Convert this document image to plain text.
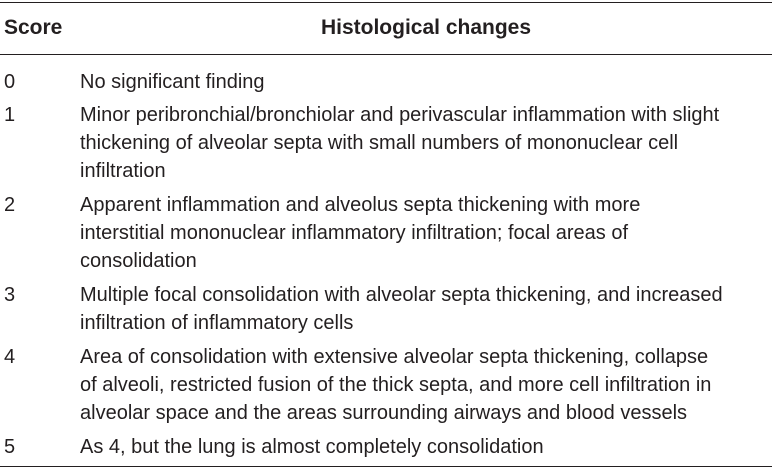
Score	Histological changes
0	No significant finding
1	Minor peribronchial/bronchiolar and perivascular inflammation with slight
thickening of alveolar septa with small numbers of mononuclear cell
infiltration
2	Apparent inflammation and alveolus septa thickening with more
interstitial mononuclear inflammatory infiltration; focal areas of
consolidation
3	Multiple focal consolidation with alveolar septa thickening, and increased
infiltration of inflammatory cells
4	Area of consolidation with extensive alveolar septa thickening, collapse
of alveoli, restricted fusion of the thick septa, and more cell infiltration in
alveolar space and the areas surrounding airways and blood vessels
5	As 4, but the lung is almost completely consolidation
